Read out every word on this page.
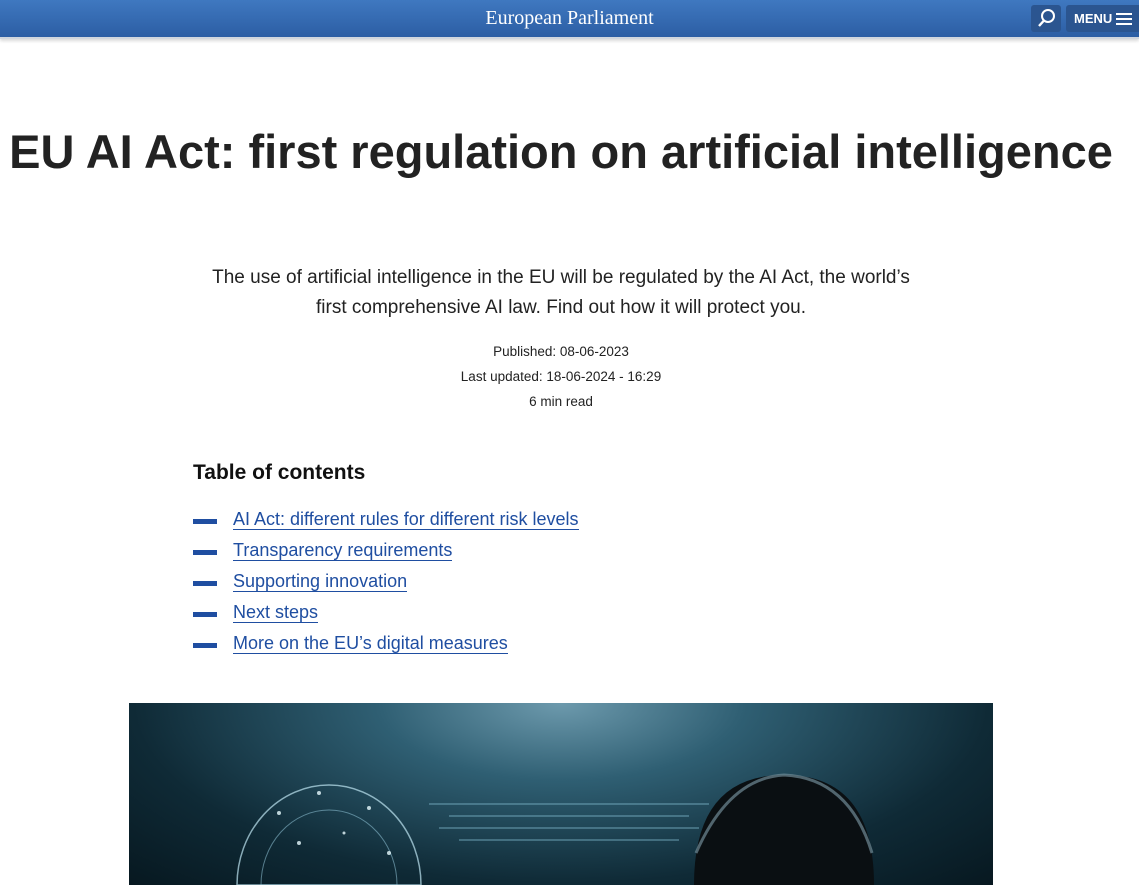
European Parliament	MENU
EU AI Act: first regulation on artificial intelligence
The use of artificial intelligence in the EU will be regulated by the AI Act, the world’s first comprehensive AI law. Find out how it will protect you.
Published: 08-06-2023
Last updated: 18-06-2024 - 16:29
6 min read
Table of contents
AI Act: different rules for different risk levels
Transparency requirements
Supporting innovation
Next steps
More on the EU’s digital measures
